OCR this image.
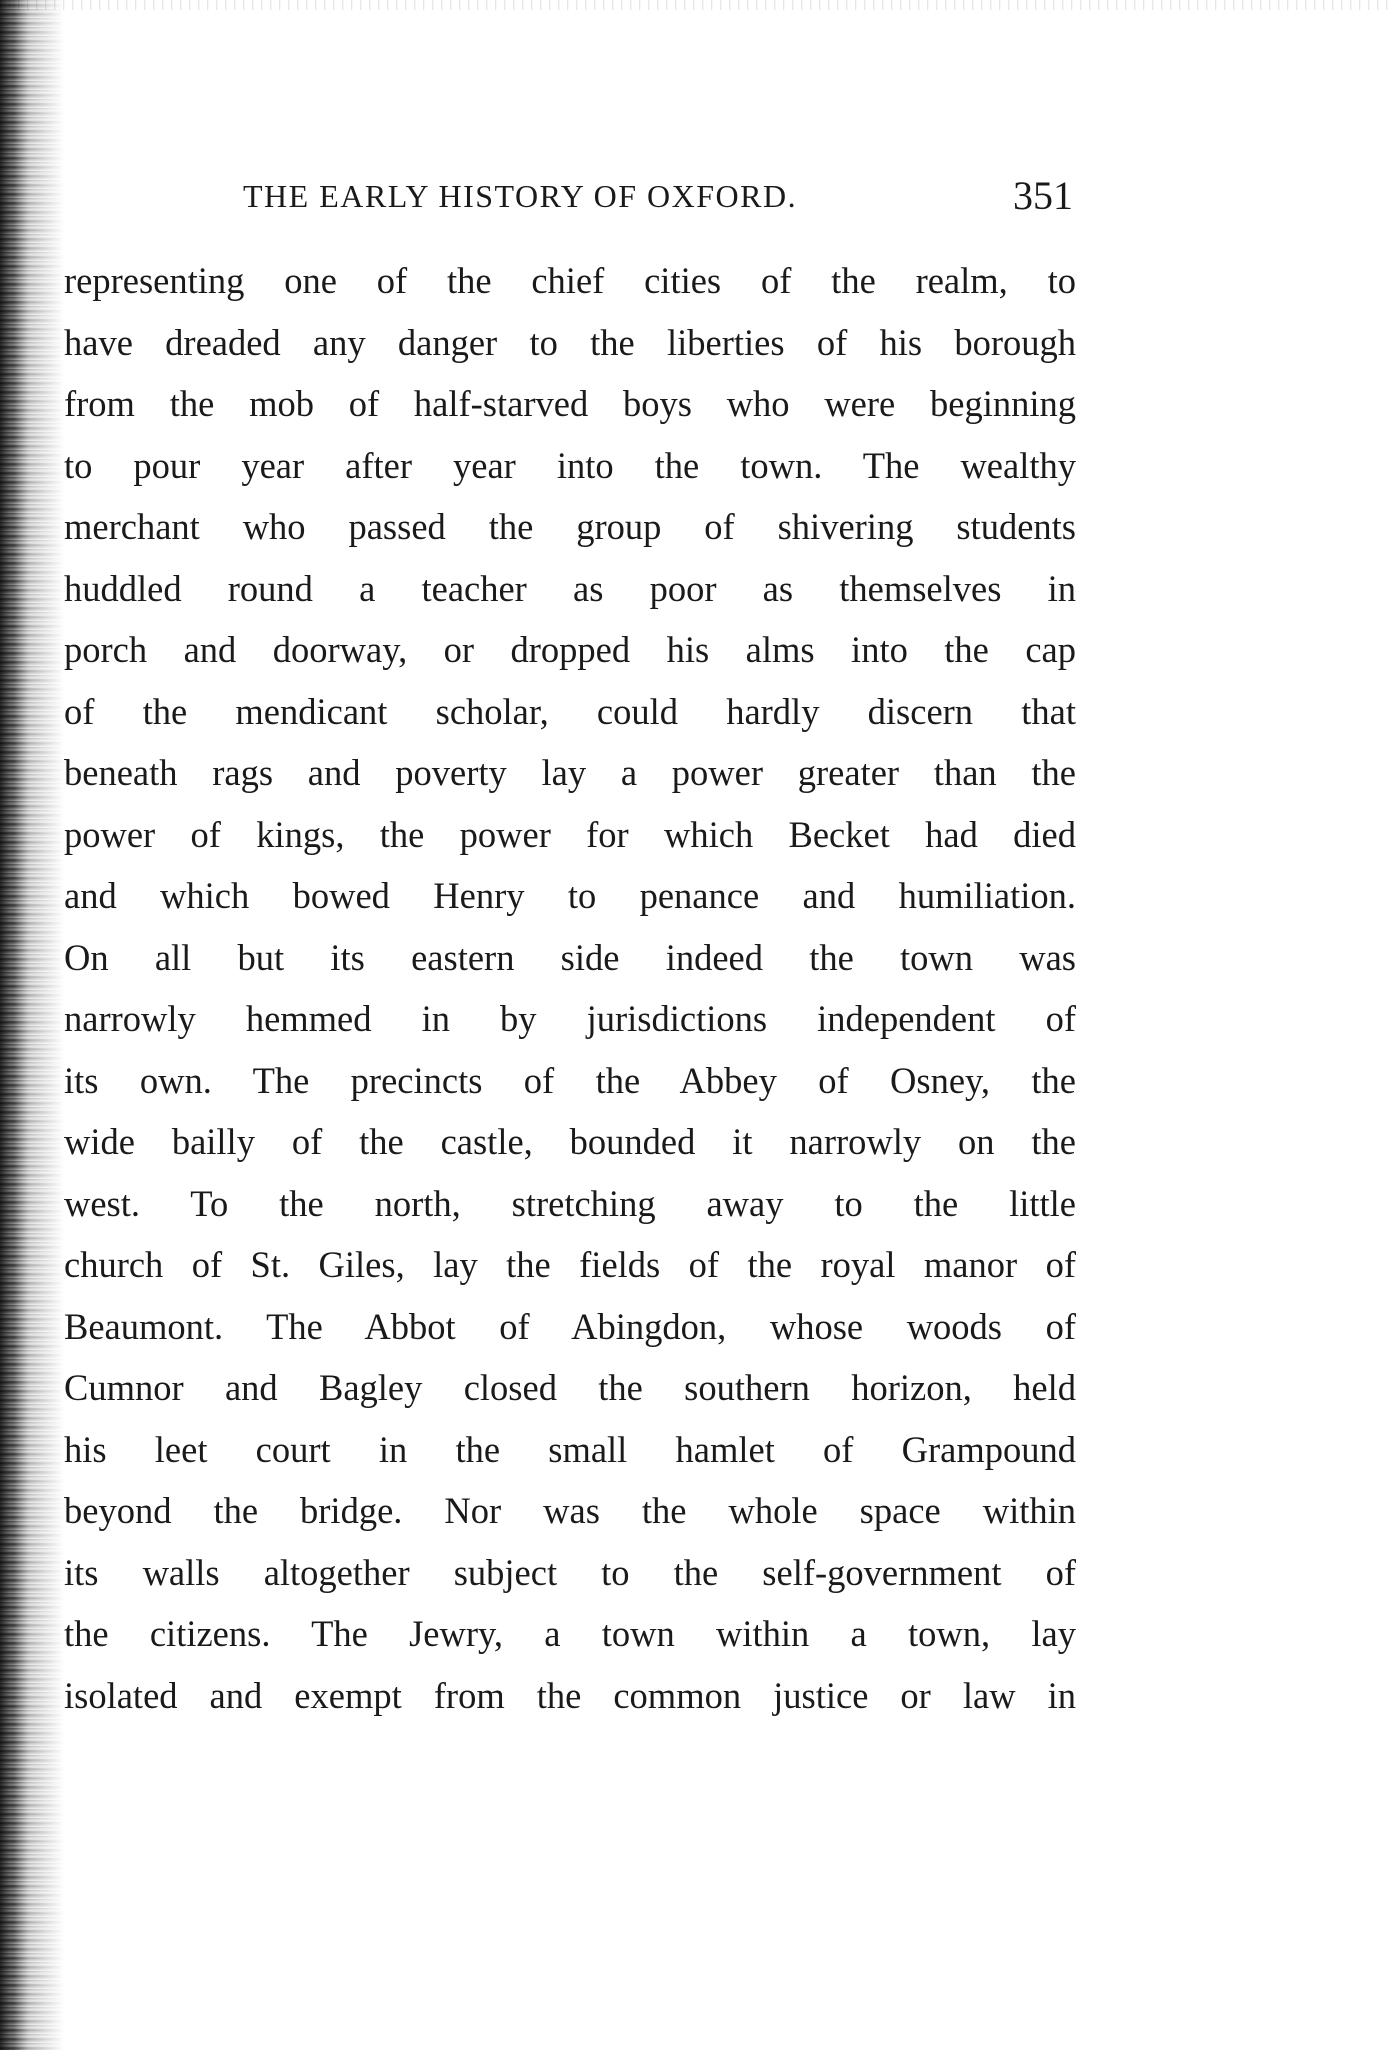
THE EARLY HISTORY OF OXFORD.	351
representing one of the chief cities of the realm, to
have dreaded any danger to the liberties of his borough
from the mob of half-starved boys who were beginning
to pour year after year into the town. The wealthy
merchant who passed the group of shivering students
huddled round a teacher as poor as themselves in
porch and doorway, or dropped his alms into the cap
of the mendicant scholar, could hardly discern that
beneath rags and poverty lay a power greater than the
power of kings, the power for which Becket had died
and which bowed Henry to penance and humiliation.
On all but its eastern side indeed the town was
narrowly hemmed in by jurisdictions independent of
its own. The precincts of the Abbey of Osney, the
wide bailly of the castle, bounded it narrowly on the
west. To the north, stretching away to the little
church of St. Giles, lay the fields of the royal manor of
Beaumont. The Abbot of Abingdon, whose woods of
Cumnor and Bagley closed the southern horizon, held
his leet court in the small hamlet of Grampound
beyond the bridge. Nor was the whole space within
its walls altogether subject to the self-government of
the citizens. The Jewry, a town within a town, lay
isolated and exempt from the common justice or law in
